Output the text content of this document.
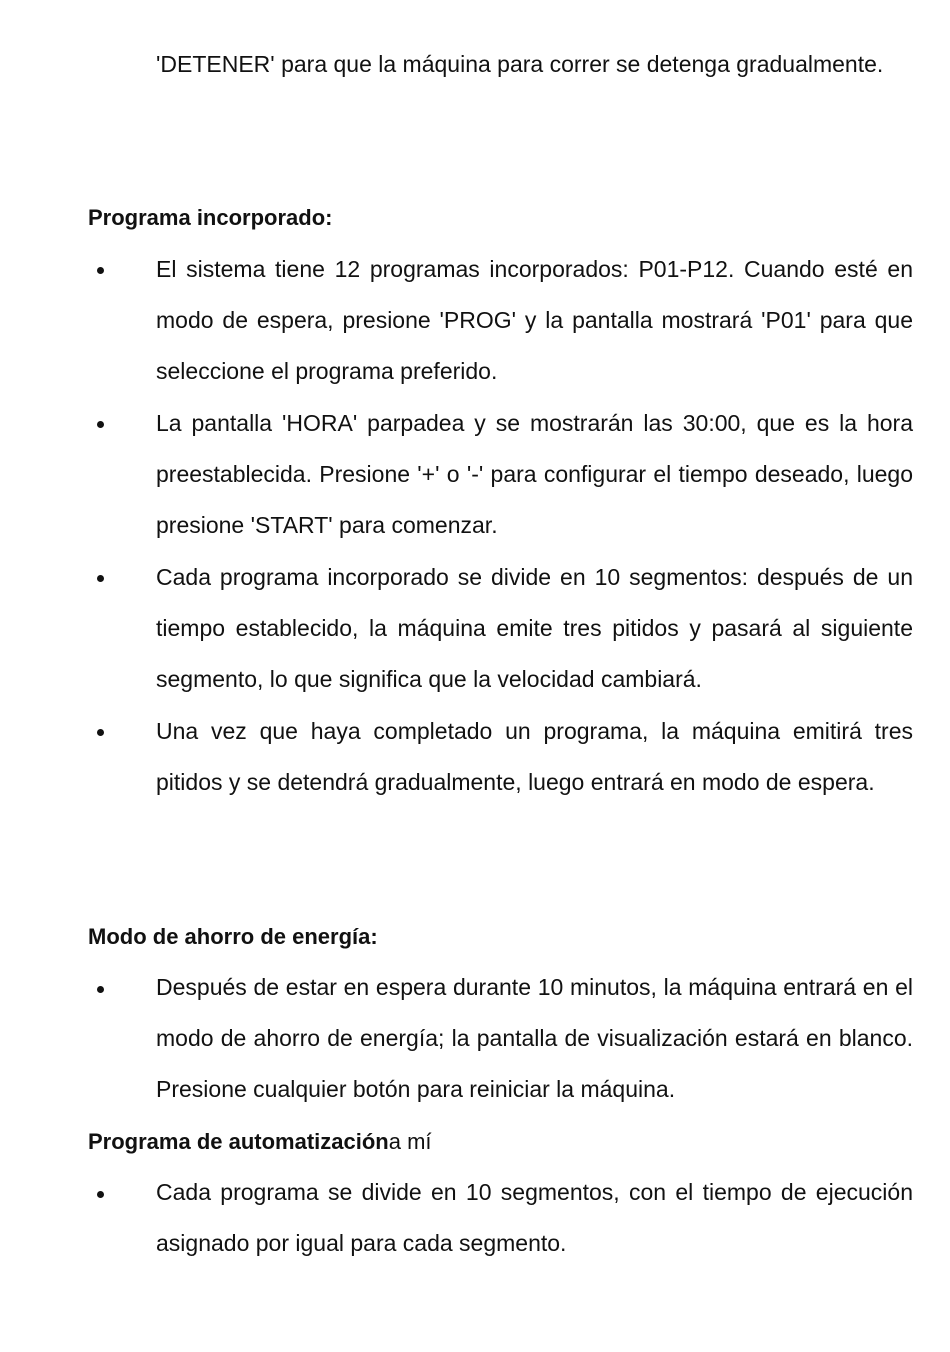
'DETENER' para que la máquina para correr se detenga gradualmente.

Programa incorporado:

El sistema tiene 12 programas incorporados: P01-P12. Cuando esté en modo de espera, presione 'PROG' y la pantalla mostrará 'P01' para que seleccione el programa preferido.

La pantalla 'HORA' parpadea y se mostrarán las 30:00, que es la hora preestablecida. Presione '+' o '-' para configurar el tiempo deseado, luego presione 'START' para comenzar.

Cada programa incorporado se divide en 10 segmentos: después de un tiempo establecido, la máquina emite tres pitidos y pasará al siguiente segmento, lo que significa que la velocidad cambiará.

Una vez que haya completado un programa, la máquina emitirá tres pitidos y se detendrá gradualmente, luego entrará en modo de espera.

Modo de ahorro de energía:

Después de estar en espera durante 10 minutos, la máquina entrará en el modo de ahorro de energía; la pantalla de visualización estará en blanco. Presione cualquier botón para reiniciar la máquina.

Programa de automatizacióna mí

Cada programa se divide en 10 segmentos, con el tiempo de ejecución asignado por igual para cada segmento.
